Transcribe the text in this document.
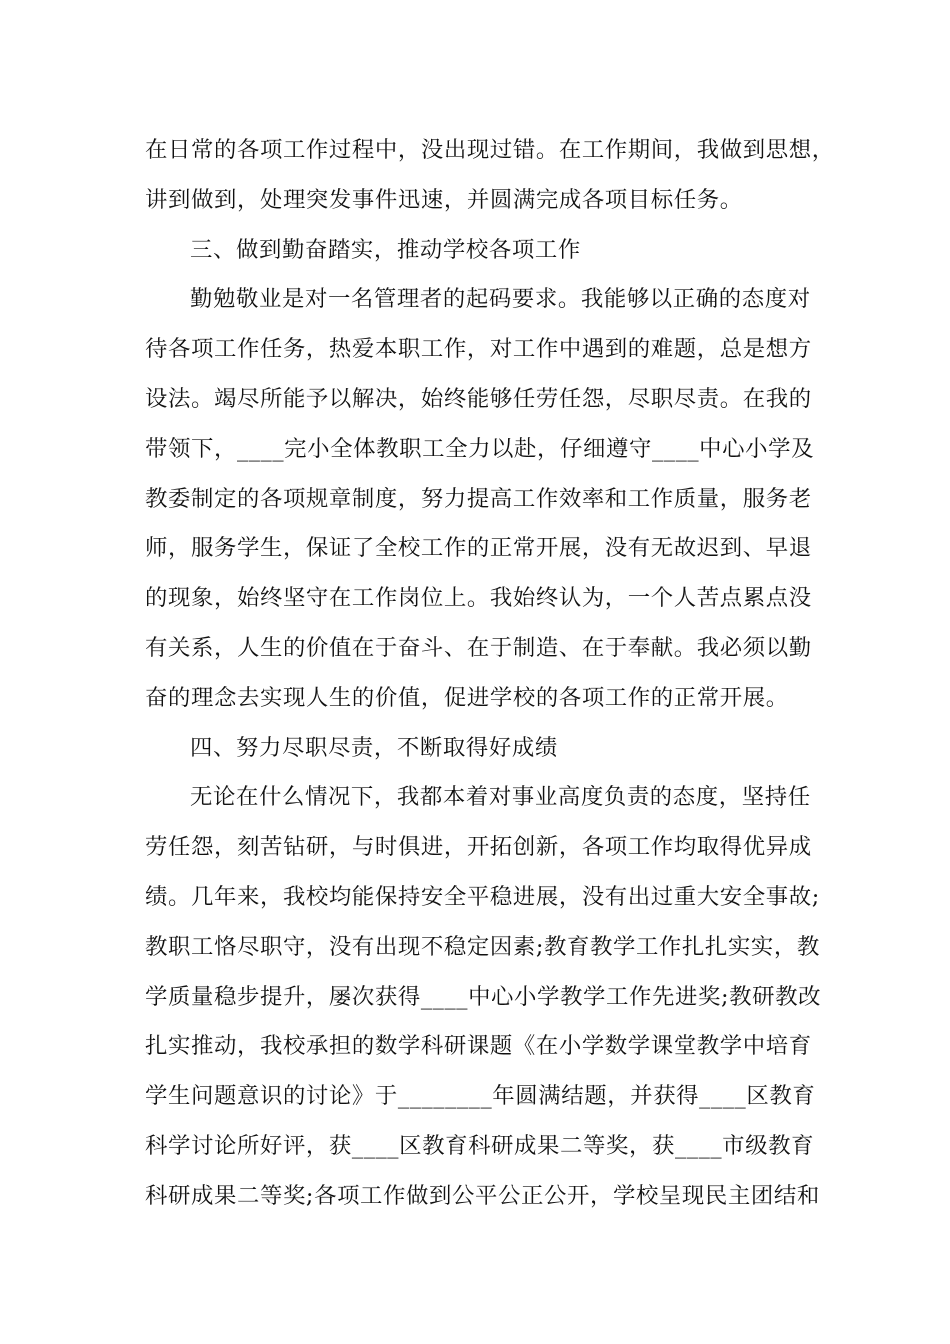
在日常的各项工作过程中，没出现过错。在工作期间，我做到思想，
讲到做到，处理突发事件迅速，并圆满完成各项目标任务。
三、做到勤奋踏实，推动学校各项工作
勤勉敬业是对一名管理者的起码要求。我能够以正确的态度对
待各项工作任务，热爱本职工作，对工作中遇到的难题，总是想方
设法。竭尽所能予以解决，始终能够任劳任怨，尽职尽责。在我的
带领下，____完小全体教职工全力以赴，仔细遵守____中心小学及
教委制定的各项规章制度，努力提高工作效率和工作质量，服务老
师，服务学生，保证了全校工作的正常开展，没有无故迟到、早退
的现象，始终坚守在工作岗位上。我始终认为，一个人苦点累点没
有关系，人生的价值在于奋斗、在于制造、在于奉献。我必须以勤
奋的理念去实现人生的价值，促进学校的各项工作的正常开展。
四、努力尽职尽责，不断取得好成绩
无论在什么情况下，我都本着对事业高度负责的态度，坚持任
劳任怨，刻苦钻研，与时俱进，开拓创新，各项工作均取得优异成
绩。几年来，我校均能保持安全平稳进展，没有出过重大安全事故;
教职工恪尽职守，没有出现不稳定因素;教育教学工作扎扎实实，教
学质量稳步提升，屡次获得____中心小学教学工作先进奖;教研教改
扎实推动，我校承担的数学科研课题《在小学数学课堂教学中培育
学生问题意识的讨论》于________年圆满结题，并获得____区教育
科学讨论所好评，获____区教育科研成果二等奖，获____市级教育
科研成果二等奖;各项工作做到公平公正公开，学校呈现民主团结和
